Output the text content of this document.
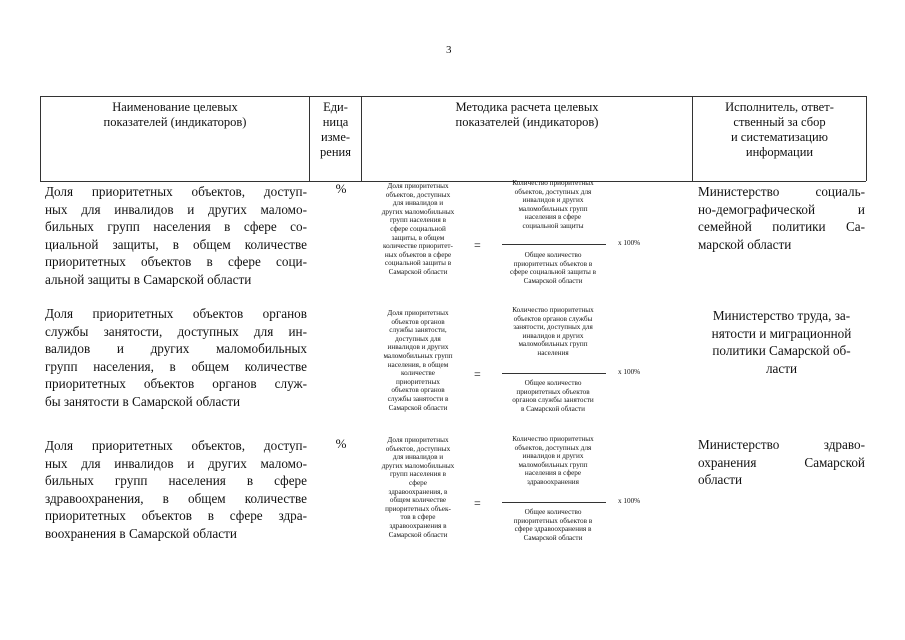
3
Наименование целевых
показателей (индикаторов)
Еди-
ница
изме-
рения
Методика расчета целевых
показателей (индикаторов)
Исполнитель, ответ-
ственный за сбор
и систематизацию
информации
Доля приоритетных объектов, доступ-
ных для инвалидов и других маломо-
бильных групп населения в сфере со-
циальной защиты, в общем количестве
приоритетных объектов в сфере соци-
альной защиты в Самарской области
%	Доля приоритетных
объектов, доступных
для инвалидов и
других маломобильных
групп населения в
сфере социальной
защиты, в общем
количестве приоритет-
ных объектов в сфере
социальной защиты в
Самарской области
=
Количество приоритетных
объектов, доступных для
инвалидов и других
маломобильных групп
населения в сфере
социальной защиты
Общее количество
приоритетных объектов в
сфере социальной защиты в
Самарской области
x 100%
Министерство социаль-
но-демографической и
семейной политики Са-
марской области
Доля приоритетных объектов органов
службы занятости, доступных для ин-
валидов и других маломобильных
групп населения, в общем количестве
приоритетных объектов органов служ-
бы занятости в Самарской области
Доля приоритетных
объектов органов
службы занятости,
доступных для
инвалидов и других
маломобильных групп
населения, в общем
количестве
приоритетных
объектов органов
службы занятости в
Самарской области
=
Количество приоритетных
объектов органов службы
занятости, доступных для
инвалидов и других
маломобильных групп
населения
Общее количество
приоритетных объектов
органов службы занятости
в Самарской области
x 100%
Министерство труда, за-
нятости и миграционной
политики Самарской об-
ласти
Доля приоритетных объектов, доступ-
ных для инвалидов и других маломо-
бильных групп населения в сфере
здравоохранения, в общем количестве
приоритетных объектов в сфере здра-
воохранения в Самарской области
%	Доля приоритетных
объектов, доступных
для инвалидов и
других маломобильных
групп населения в
сфере
здравоохранения, в
общем количестве
приоритетных объек-
тов в сфере
здравоохранения в
Самарской области
=
Количество приоритетных
объектов, доступных для
инвалидов и других
маломобильных групп
населения в сфере
здравоохранения
Общее количество
приоритетных объектов в
сфере здравоохранения в
Самарской области
x 100%
Министерство здраво-
охранения Самарской
области
